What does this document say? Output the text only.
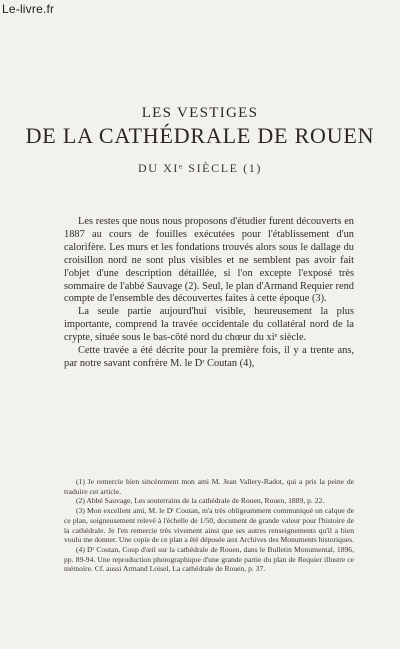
Le-livre.fr
LES VESTIGES
DE LA CATHÉDRALE DE ROUEN
DU XIᵉ SIÈCLE (1)

Les restes que nous nous proposons d'étudier furent découverts en 1887 au cours de fouilles exécutées pour l'établissement d'un calorifère. Les murs et les fondations trouvés alors sous le dallage du croisillon nord ne sont plus visibles et ne semblent pas avoir fait l'objet d'une description détaillée, si l'on excepte l'exposé très sommaire de l'abbé Sauvage (2). Seul, le plan d'Armand Requier rend compte de l'ensemble des découvertes faites à cette époque (3).

La seule partie aujourd'hui visible, heureusement la plus importante, comprend la travée occidentale du collatéral nord de la crypte, située sous le bas-côté nord du chœur du xiᵉ siècle.

Cette travée a été décrite pour la première fois, il y a trente ans, par notre savant confrère M. le Dʳ Coutan (4),

(1) Je remercie bien sincèrement mon ami M. Jean Vallery-Radot, qui a pris la peine de traduire cet article.

(2) Abbé Sauvage, Les souterrains de la cathédrale de Rouen, Rouen, 1889, p. 22.

(3) Mon excellent ami, M. le Dʳ Coutan, m'a très obligeamment communiqué un calque de ce plan, soigneusement relevé à l'échelle de 1/50, document de grande valeur pour l'histoire de la cathédrale. Je l'en remercie très vivement ainsi que ses autres renseignements qu'il a bien voulu me donner. Une copie de ce plan a été déposée aux Archives des Monuments historiques.

(4) Dʳ Coutan, Coup d'œil sur la cathédrale de Rouen, dans le Bulletin Monumental, 1896, pp. 89-94. Une reproduction photographique d'une grande partie du plan de Requier illustre ce mémoire. Cf. aussi Armand Loisel, La cathédrale de Rouen, p. 37.
